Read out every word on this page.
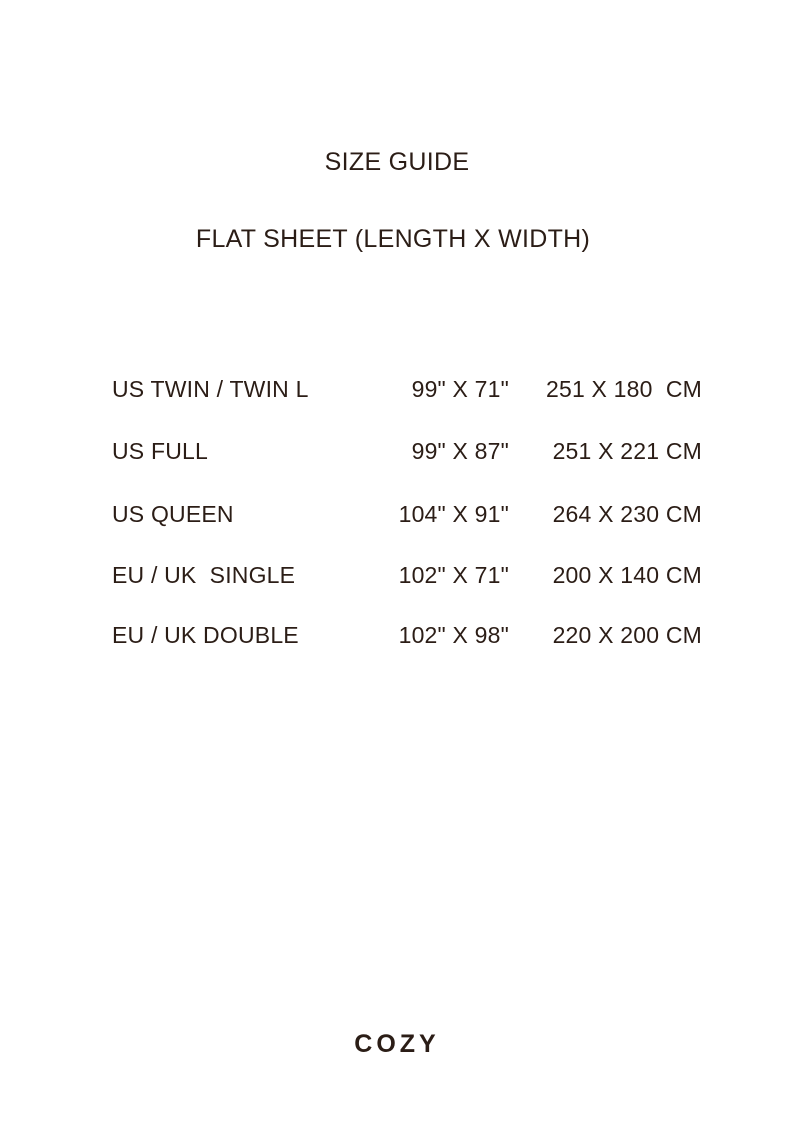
SIZE GUIDE
FLAT SHEET (LENGTH X WIDTH)
US TWIN / TWIN L	99" X 71" 251 X 180  CM
US FULL	99" X 87" 251 X 221 CM
US QUEEN	104" X 91" 264 X 230 CM
EU / UK  SINGLE	102" X 71" 200 X 140 CM
EU / UK DOUBLE	102" X 98" 220 X 200 CM
COZY
